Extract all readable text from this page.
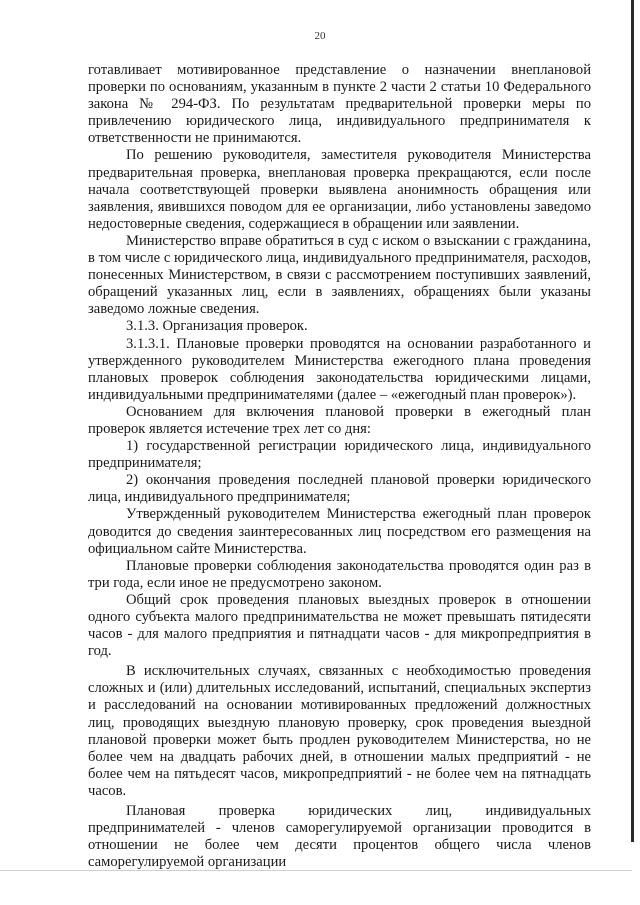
20

готавливает мотивированное представление о назначении внеплановой проверки по основаниям, указанным в пункте 2 части 2 статьи 10 Федерального закона № 294-ФЗ. По результатам предварительной проверки меры по привлечению юридического лица, индивидуального предпринимателя к ответственности не принимаются.

По решению руководителя, заместителя руководителя Министерства предварительная проверка, внеплановая проверка прекращаются, если после начала соответствующей проверки выявлена анонимность обращения или заявления, явившихся поводом для ее организации, либо установлены заведомо недостоверные сведения, содержащиеся в обращении или заявлении.

Министерство вправе обратиться в суд с иском о взыскании с гражданина, в том числе с юридического лица, индивидуального предпринимателя, расходов, понесенных Министерством, в связи с рассмотрением поступивших заявлений, обращений указанных лиц, если в заявлениях, обращениях были указаны заведомо ложные сведения.

3.1.3. Организация проверок.

3.1.3.1. Плановые проверки проводятся на основании разработанного и утвержденного руководителем Министерства ежегодного плана проведения плановых проверок соблюдения законодательства юридическими лицами, индивидуальными предпринимателями (далее – «ежегодный план проверок»).

Основанием для включения плановой проверки в ежегодный план проверок является истечение трех лет со дня:

1) государственной регистрации юридического лица, индивидуального предпринимателя;

2) окончания проведения последней плановой проверки юридического лица, индивидуального предпринимателя;

Утвержденный руководителем Министерства ежегодный план проверок доводится до сведения заинтересованных лиц посредством его размещения на официальном сайте Министерства.

Плановые проверки соблюдения законодательства проводятся один раз в три года, если иное не предусмотрено законом.

Общий срок проведения плановых выездных проверок в отношении одного субъекта малого предпринимательства не может превышать пятидесяти часов - для малого предприятия и пятнадцати часов - для микропредприятия в год.

В исключительных случаях, связанных с необходимостью проведения сложных и (или) длительных исследований, испытаний, специальных экспертиз и расследований на основании мотивированных предложений должностных лиц, проводящих выездную плановую проверку, срок проведения выездной плановой проверки может быть продлен руководителем Министерства, но не более чем на двадцать рабочих дней, в отношении малых предприятий - не более чем на пятьдесят часов, микропредприятий - не более чем на пятнадцать часов.

Плановая проверка юридических лиц, индивидуальных предпринимателей - членов саморегулируемой организации проводится в отношении не более чем десяти процентов общего числа членов саморегулируемой организации
